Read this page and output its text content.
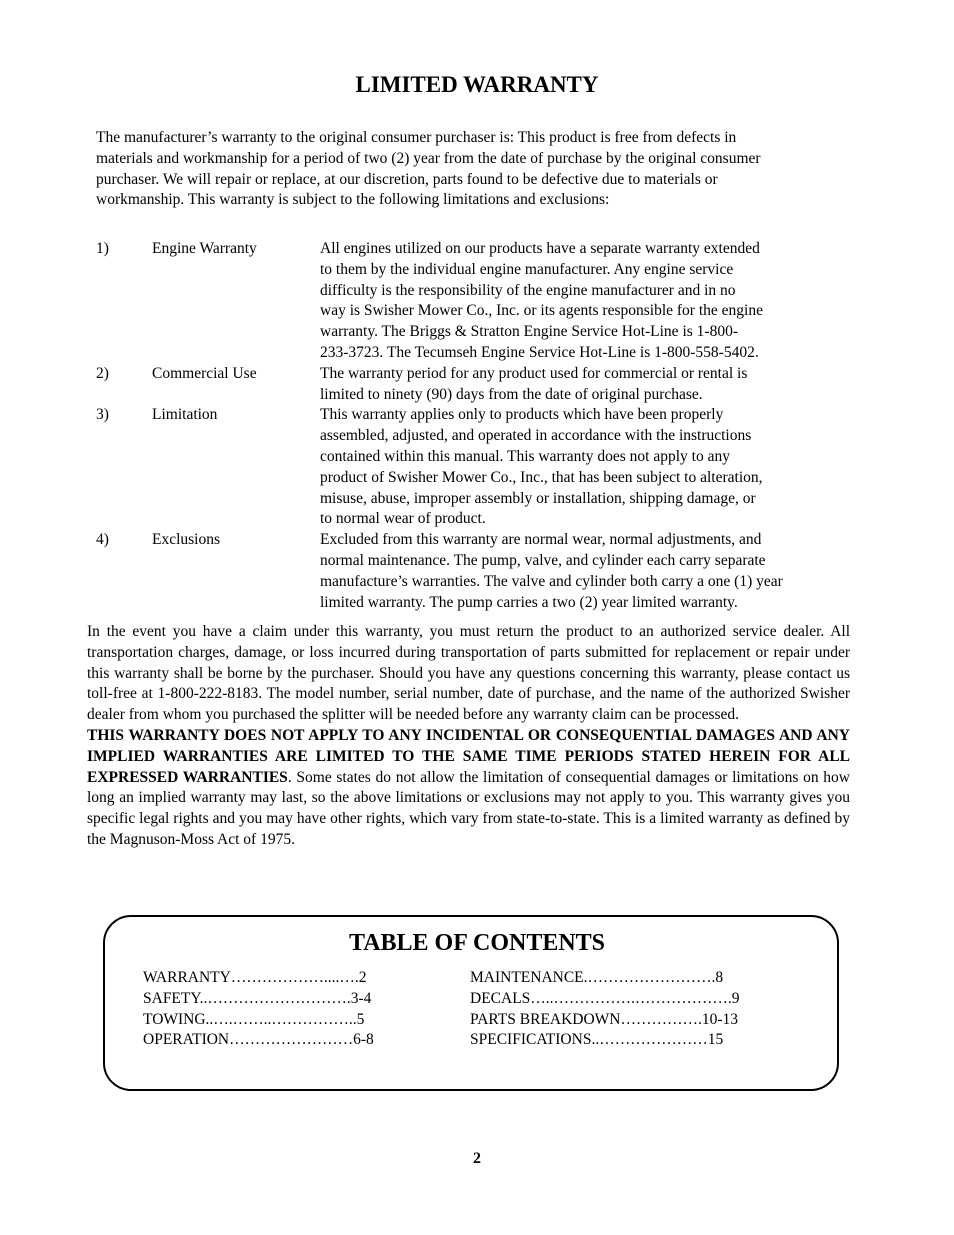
LIMITED WARRANTY
The manufacturer’s warranty to the original consumer purchaser is: This product is free from defects in
materials and workmanship for a period of two (2) year from the date of purchase by the original consumer
purchaser. We will repair or replace, at our discretion, parts found to be defective due to materials or
workmanship. This warranty is subject to the following limitations and exclusions:
1)	Engine Warranty	All engines utilized on our products have a separate warranty extended
to them by the individual engine manufacturer. Any engine service
difficulty is the responsibility of the engine manufacturer and in no
way is Swisher Mower Co., Inc. or its agents responsible for the engine
warranty. The Briggs & Stratton Engine Service Hot-Line is 1-800-
233-3723. The Tecumseh Engine Service Hot-Line is 1-800-558-5402.
2)	Commercial Use	The warranty period for any product used for commercial or rental is
limited to ninety (90) days from the date of original purchase.
3)	Limitation	This warranty applies only to products which have been properly
assembled, adjusted, and operated in accordance with the instructions
contained within this manual. This warranty does not apply to any
product of Swisher Mower Co., Inc., that has been subject to alteration,
misuse, abuse, improper assembly or installation, shipping damage, or
to normal wear of product.
4)	Exclusions	Excluded from this warranty are normal wear, normal adjustments, and
normal maintenance. The pump, valve, and cylinder each carry separate
manufacture’s warranties. The valve and cylinder both carry a one (1) year
limited warranty. The pump carries a two (2) year limited warranty.
In the event you have a claim under this warranty, you must return the product to an authorized service dealer. All transportation charges, damage, or loss incurred during transportation of parts submitted for replacement or repair under this warranty shall be borne by the purchaser. Should you have any questions concerning this warranty, please contact us toll-free at 1-800-222-8183. The model number, serial number, date of purchase, and the name of the authorized Swisher dealer from whom you purchased the splitter will be needed before any warranty claim can be processed.
THIS WARRANTY DOES NOT APPLY TO ANY INCIDENTAL OR CONSEQUENTIAL DAMAGES AND ANY IMPLIED WARRANTIES ARE LIMITED TO THE SAME TIME PERIODS STATED HEREIN FOR ALL EXPRESSED WARRANTIES. Some states do not allow the limitation of consequential damages or limitations on how long an implied warranty may last, so the above limitations or exclusions may not apply to you. This warranty gives you specific legal rights and you may have other rights, which vary from state-to-state. This is a limited warranty as defined by the Magnuson-Moss Act of 1975.
TABLE OF CONTENTS
WARRANTY………………....….2
SAFETY..……………………….3-4
TOWING..….……..……………..5
OPERATION……………………6-8
MAINTENANCE.…………………….8
DECALS…..…………….……………….9
PARTS BREAKDOWN…………….10-13
SPECIFICATIONS..…………………15
2
